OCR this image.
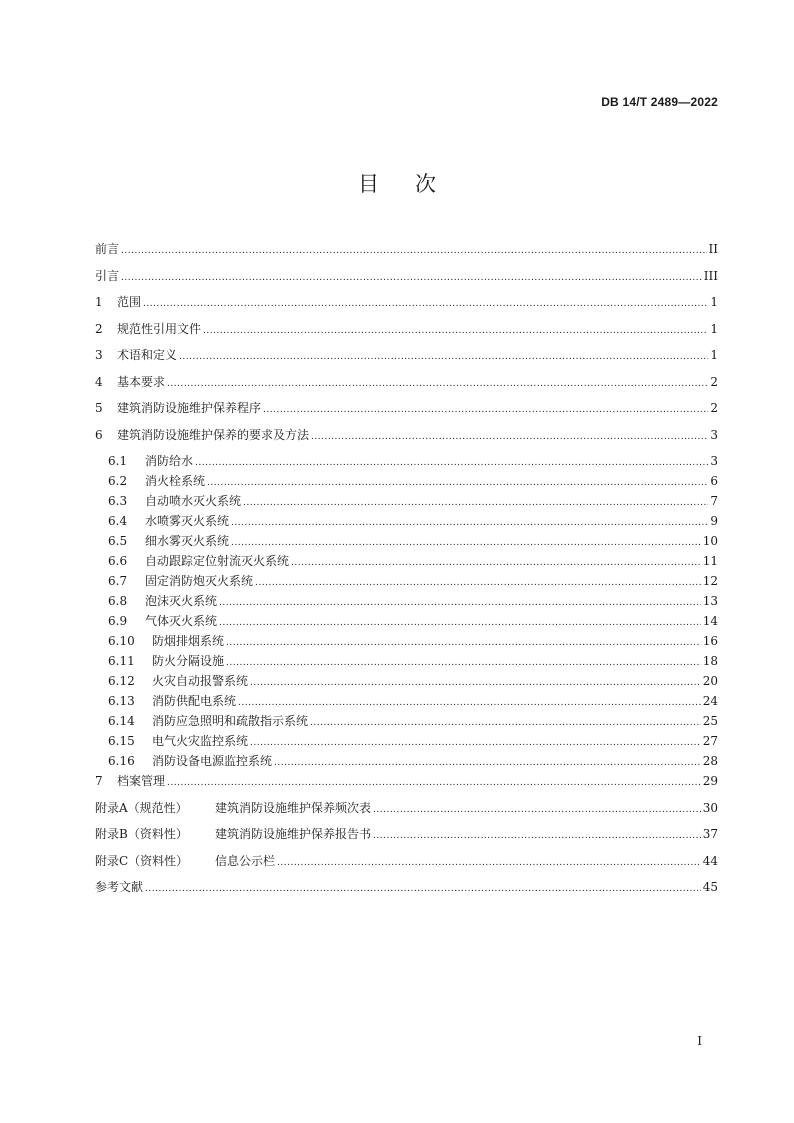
DB 14/T 2489—2022
目次
前言 .....	II
引言 .....	III
1	范围 .....	1
2	规范性引用文件 .....	1
3	术语和定义 .....	1
4	基本要求 .....	2
5	建筑消防设施维护保养程序 .....	2
6	建筑消防设施维护保养的要求及方法 .....	3
6.1	消防给水 .....	3
6.2	消火栓系统 .....	6
6.3	自动喷水灭火系统 .....	7
6.4	水喷雾灭火系统 .....	9
6.5	细水雾灭火系统 .....	10
6.6	自动跟踪定位射流灭火系统 .....	11
6.7	固定消防炮灭火系统 .....	12
6.8	泡沫灭火系统 .....	13
6.9	气体灭火系统 .....	14
6.10	防烟排烟系统 .....	16
6.11	防火分隔设施 .....	18
6.12	火灾自动报警系统 .....	20
6.13	消防供配电系统 .....	24
6.14	消防应急照明和疏散指示系统 .....	25
6.15	电气火灾监控系统 .....	27
6.16	消防设备电源监控系统 .....	28
7	档案管理 .....	29
附录A（规范性）	建筑消防设施维护保养频次表 .....	30
附录B（资料性）	建筑消防设施维护保养报告书 .....	37
附录C（资料性）	信息公示栏 .....	44
参考文献 .....	45
I
